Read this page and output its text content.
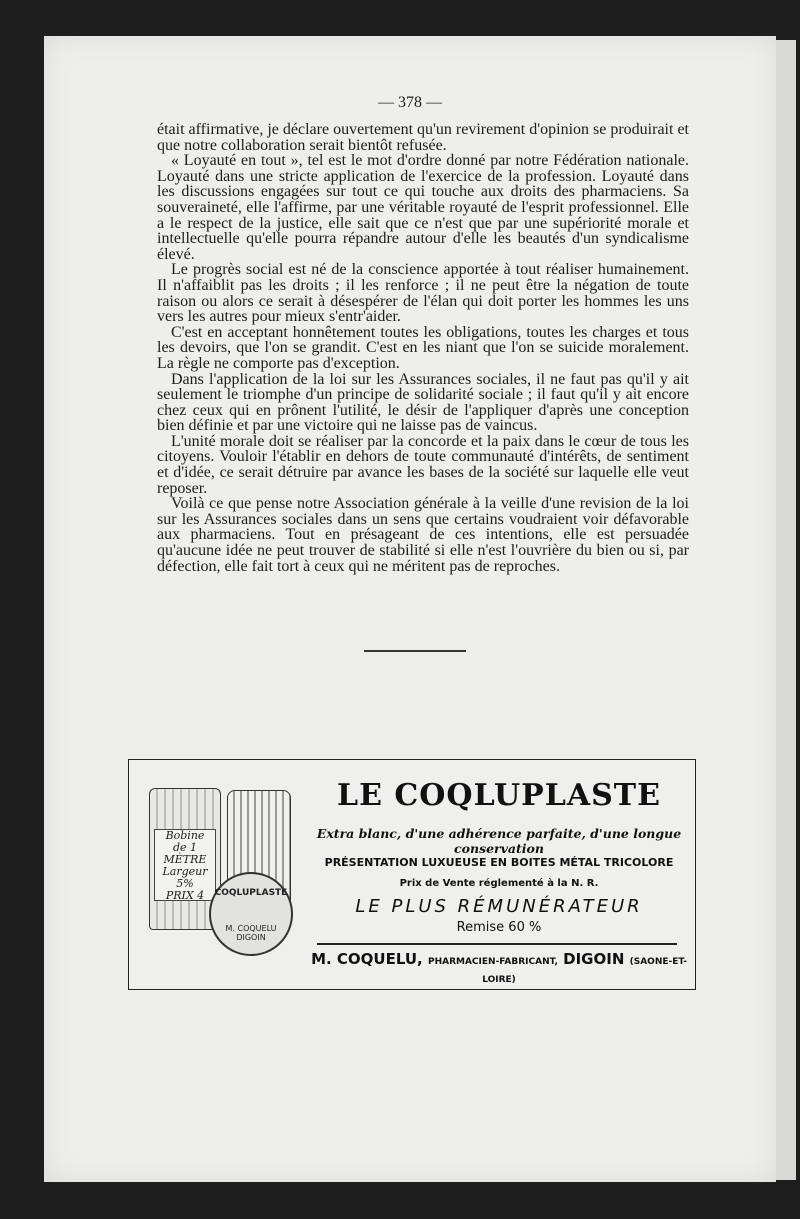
— 378 —

était affirmative, je déclare ouvertement qu'un revirement d'opinion se produirait et que notre collaboration serait bientôt refusée.

« Loyauté en tout », tel est le mot d'ordre donné par notre Fédération nationale. Loyauté dans une stricte application de l'exercice de la profession. Loyauté dans les discussions engagées sur tout ce qui touche aux droits des pharmaciens. Sa souveraineté, elle l'affirme, par une véritable royauté de l'esprit professionnel. Elle a le respect de la justice, elle sait que ce n'est que par une supériorité morale et intellectuelle qu'elle pourra répandre autour d'elle les beautés d'un syndicalisme élevé.

Le progrès social est né de la conscience apportée à tout réaliser humainement. Il n'affaiblit pas les droits ; il les renforce ; il ne peut être la négation de toute raison ou alors ce serait à désespérer de l'élan qui doit porter les hommes les uns vers les autres pour mieux s'entr'aider.

C'est en acceptant honnêtement toutes les obligations, toutes les charges et tous les devoirs, que l'on se grandit. C'est en les niant que l'on se suicide moralement. La règle ne comporte pas d'exception.

Dans l'application de la loi sur les Assurances sociales, il ne faut pas qu'il y ait seulement le triomphe d'un principe de solidarité sociale ; il faut qu'il y ait encore chez ceux qui en prônent l'utilité, le désir de l'appliquer d'après une conception bien définie et par une victoire qui ne laisse pas de vaincus.

L'unité morale doit se réaliser par la concorde et la paix dans le cœur de tous les citoyens. Vouloir l'établir en dehors de toute communauté d'intérêts, de sentiment et d'idée, ce serait détruire par avance les bases de la société sur laquelle elle veut reposer.

Voilà ce que pense notre Association générale à la veille d'une revision de la loi sur les Assurances sociales dans un sens que certains voudraient voir défavorable aux pharmaciens. Tout en présageant de ces intentions, elle est persuadée qu'aucune idée ne peut trouver de stabilité si elle n'est l'ouvrière du bien ou si, par défection, elle fait tort à ceux qui ne méritent pas de reproches.

Bobine
de 1 MÈTRE
Largeur 5%
PRIX 4	COQLUPLASTE
M. COQUELU DIGOIN
LE COQLUPLASTE
Extra blanc, d'une adhérence parfaite, d'une longue conservation
PRÉSENTATION LUXUEUSE EN BOITES MÉTAL TRICOLORE
Prix de Vente réglementé à la N. R.
LE PLUS RÉMUNÉRATEUR
Remise 60 %
M. COQUELU, PHARMACIEN-FABRICANT, DIGOIN (SAONE-ET-LOIRE)
